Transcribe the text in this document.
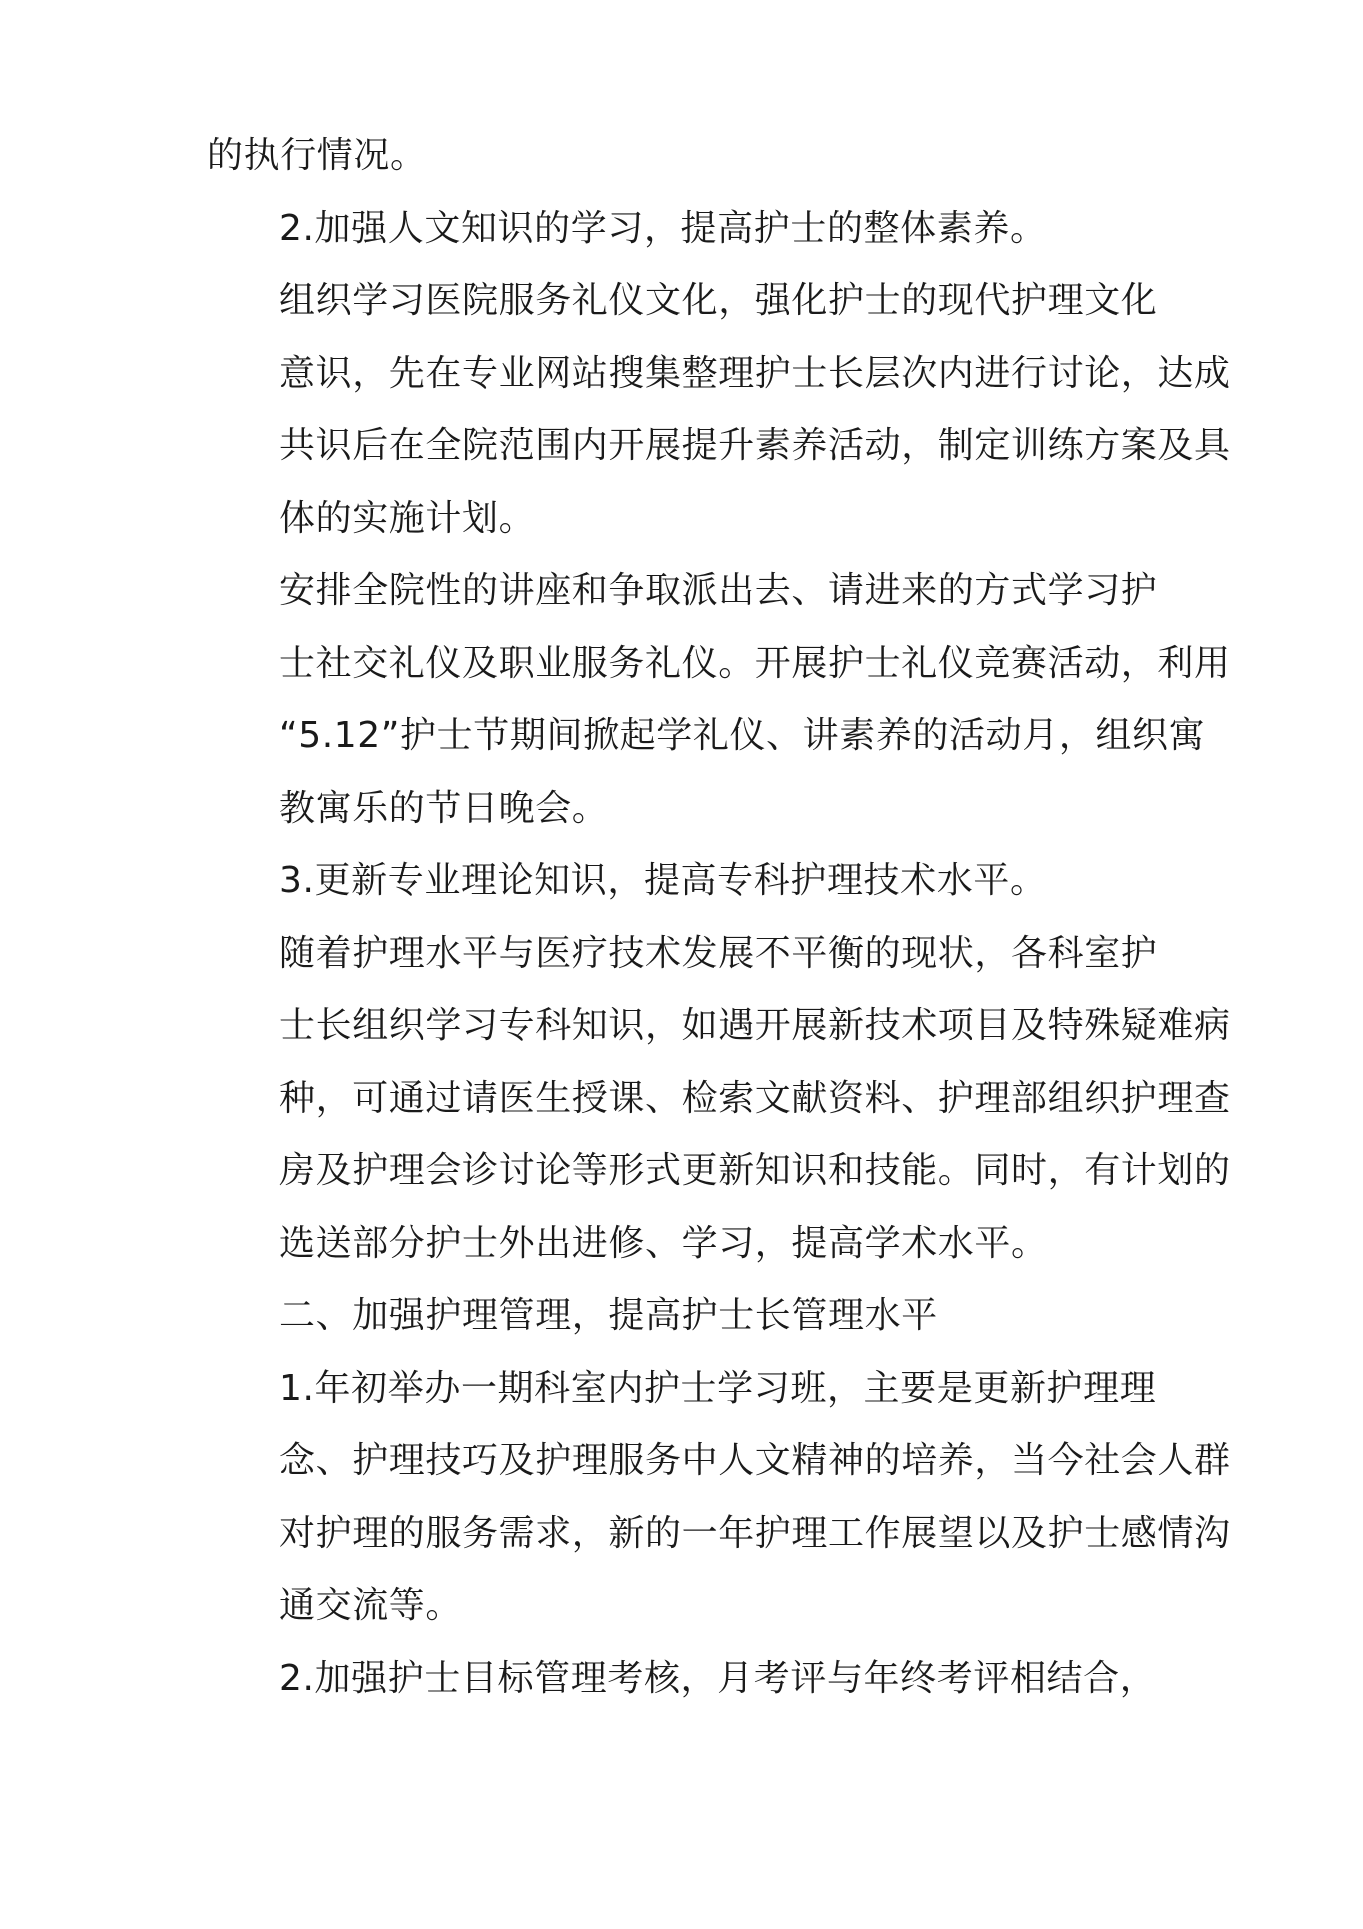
的执行情况。

2.加强人文知识的学习，提高护士的整体素养。

组织学习医院服务礼仪文化，强化护士的现代护理文化
意识，先在专业网站搜集整理护士长层次内进行讨论，达成
共识后在全院范围内开展提升素养活动，制定训练方案及具
体的实施计划。

安排全院性的讲座和争取派出去、请进来的方式学习护
士社交礼仪及职业服务礼仪。开展护士礼仪竞赛活动，利用
“5.12”护士节期间掀起学礼仪、讲素养的活动月，组织寓
教寓乐的节日晚会。

3.更新专业理论知识，提高专科护理技术水平。

随着护理水平与医疗技术发展不平衡的现状，各科室护
士长组织学习专科知识，如遇开展新技术项目及特殊疑难病
种，可通过请医生授课、检索文献资料、护理部组织护理查
房及护理会诊讨论等形式更新知识和技能。同时，有计划的
选送部分护士外出进修、学习，提高学术水平。

二、加强护理管理，提高护士长管理水平

1.年初举办一期科室内护士学习班，主要是更新护理理
念、护理技巧及护理服务中人文精神的培养，当今社会人群
对护理的服务需求，新的一年护理工作展望以及护士感情沟
通交流等。

2.加强护士目标管理考核，月考评与年终考评相结合，
